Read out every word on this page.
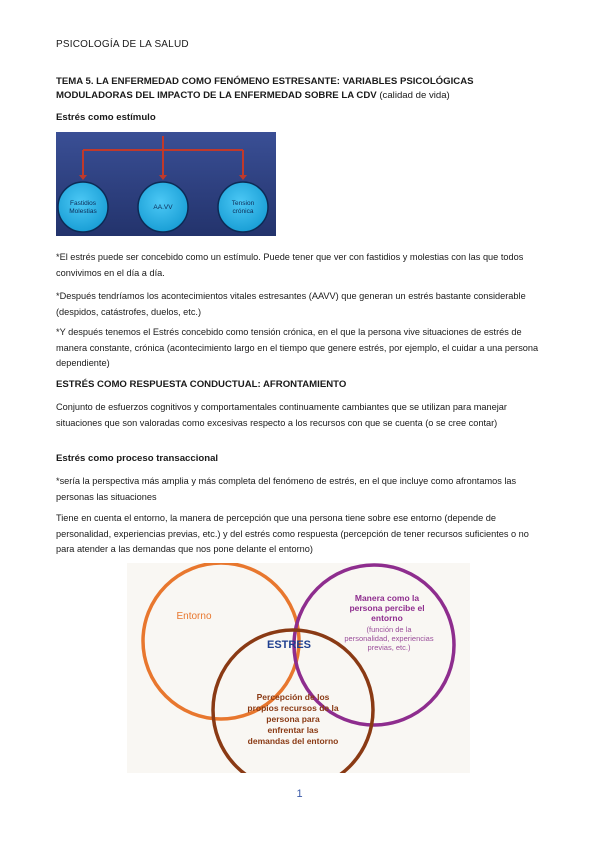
PSICOLOGÍA DE LA SALUD
TEMA 5. LA ENFERMEDAD COMO FENÓMENO ESTRESANTE: VARIABLES PSICOLÓGICAS MODULADORAS DEL IMPACTO DE LA ENFERMEDAD SOBRE LA CDV (calidad de vida)
Estrés como estímulo
Fastidios
Molestias
AA.VV
Tension
crónica
*El estrés puede ser concebido como un estímulo. Puede tener que ver con fastidios y molestias con las que todos convivimos en el día a día.
*Después tendríamos los acontecimientos vitales estresantes (AAVV) que generan un estrés bastante considerable (despidos, catástrofes, duelos, etc.)
*Y después tenemos el Estrés concebido como tensión crónica, en el que la persona vive situaciones de estrés de manera constante, crónica (acontecimiento largo en el tiempo que genere estrés, por ejemplo, el cuidar a una persona dependiente)
ESTRÉS COMO RESPUESTA CONDUCTUAL: AFRONTAMIENTO
Conjunto de esfuerzos cognitivos y comportamentales continuamente cambiantes que se utilizan para manejar situaciones que son valoradas como excesivas respecto a los recursos con que se cuenta (o se cree contar)
Estrés como proceso transaccional
*sería la perspectiva más amplia y más completa del fenómeno de estrés, en el que incluye como afrontamos las personas las situaciones
Tiene en cuenta el entorno, la manera de percepción que una persona tiene sobre ese entorno (depende de personalidad, experiencias previas, etc.) y del estrés como respuesta (percepción de tener recursos suficientes o no para atender a las demandas que nos pone delante el entorno)
Entorno
Manera como la
persona percibe el
entorno
(función de la
personalidad, experiencias
previas, etc.)
ESTRES
Percepción de los
propios recursos de la
persona para
enfrentar las
demandas del entorno
1
